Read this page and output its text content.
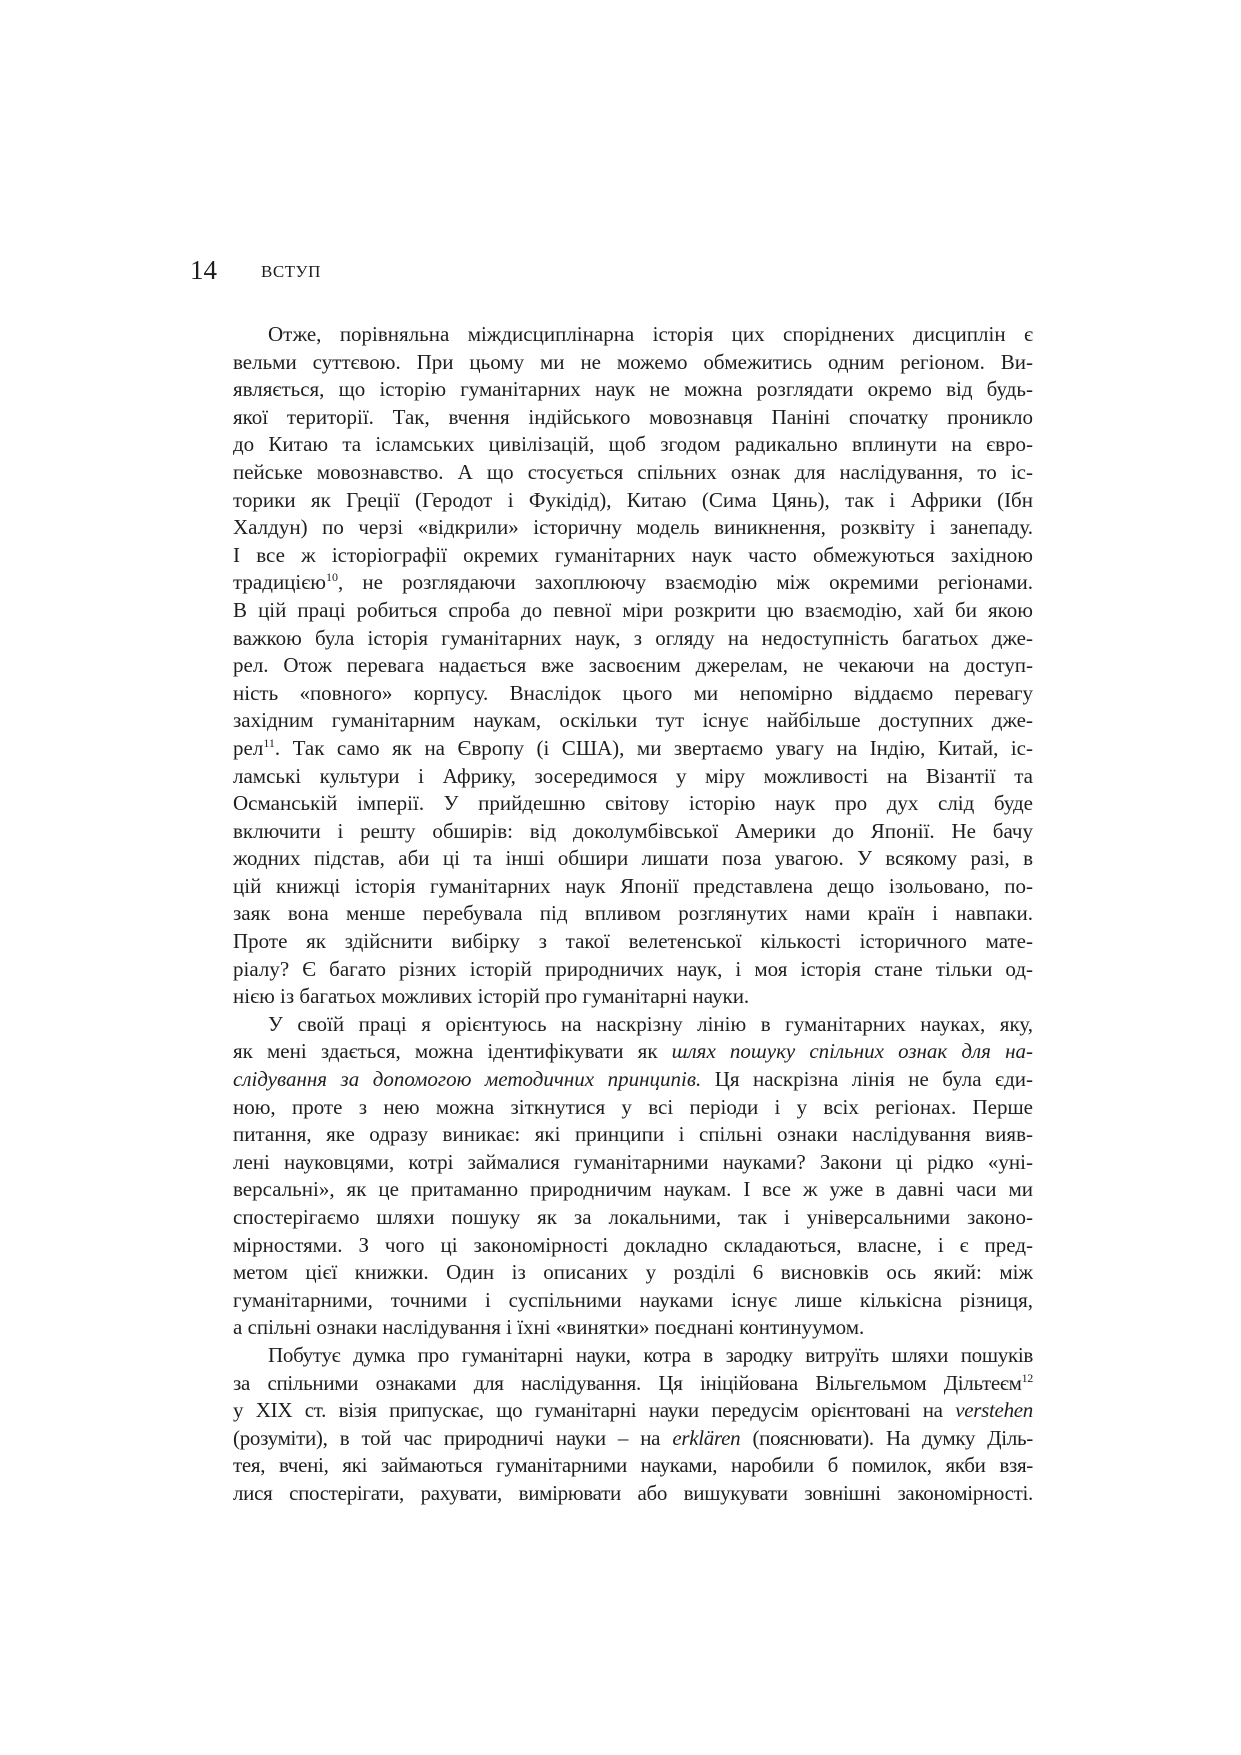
14	ВСТУП
Отже, порівняльна міждисциплінарна історія цих споріднених дисциплін є
вельми суттєвою. При цьому ми не можемо обмежитись одним регіоном. Ви-
являється, що історію гуманітарних наук не можна розглядати окремо від будь-
якої території. Так, вчення індійського мовознавця Паніні спочатку проникло
до Китаю та ісламських цивілізацій, щоб згодом радикально вплинути на євро-
пейське мовознавство. А що стосується спільних ознак для наслідування, то іс-
торики як Греції (Геродот і Фукідід), Китаю (Сима Цянь), так і Африки (Ібн
Халдун) по черзі «відкрили» історичну модель виникнення, розквіту і занепаду.
І все ж історіографії окремих гуманітарних наук часто обмежуються західною
традицією$^{10}$, не розглядаючи захоплюючу взаємодію між окремими регіонами.
В цій праці робиться спроба до певної міри розкрити цю взаємодію, хай би якою
важкою була історія гуманітарних наук, з огляду на недоступність багатьох дже-
рел. Отож перевага надається вже засвоєним джерелам, не чекаючи на доступ-
ність «повного» корпусу. Внаслідок цього ми непомірно віддаємо перевагу
західним гуманітарним наукам, оскільки тут існує найбільше доступних дже-
рел$^{11}$. Так само як на Європу (і США), ми звертаємо увагу на Індію, Китай, іс-
ламські культури і Африку, зосередимося у міру можливості на Візантії та
Османській імперії. У прийдешню світову історію наук про дух слід буде
включити і решту обширів: від доколумбівської Америки до Японії. Не бачу
жодних підстав, аби ці та інші обшири лишати поза увагою. У всякому разі, в
цій книжці історія гуманітарних наук Японії представлена дещо ізольовано, по-
заяк вона менше перебувала під впливом розглянутих нами країн і навпаки.
Проте як здійснити вибірку з такої велетенської кількості історичного мате-
ріалу? Є багато різних історій природничих наук, і моя історія стане тільки од-
нією із багатьох можливих історій про гуманітарні науки.
У своїй праці я орієнтуюсь на наскрізну лінію в гуманітарних науках, яку,
як мені здається, можна ідентифікувати як шлях пошуку спільних ознак для на-
слідування за допомогою методичних принципів. Ця наскрізна лінія не була єди-
ною, проте з нею можна зіткнутися у всі періоди і у всіх регіонах. Перше
питання, яке одразу виникає: які принципи і спільні ознаки наслідування вияв-
лені науковцями, котрі займалися гуманітарними науками? Закони ці рідко «уні-
версальні», як це притаманно природничим наукам. І все ж уже в давні часи ми
спостерігаємо шляхи пошуку як за локальними, так і універсальними законо-
мірностями. З чого ці закономірності докладно складаються, власне, і є пред-
метом цієї книжки. Один із описаних у розділі 6 висновків ось який: між
гуманітарними, точними і суспільними науками існує лише кількісна різниця,
а спільні ознаки наслідування і їхні «винятки» поєднані континуумом.
Побутує думка про гуманітарні науки, котра в зародку витруїть шляхи пошуків
за спільними ознаками для наслідування. Ця ініційована Вільгельмом Дільтеєм$^{12}$
у XIX ст. візія припускає, що гуманітарні науки передусім орієнтовані на verstehen
(розуміти), в той час природничі науки – на erklären (пояснювати). На думку Діль-
тея, вчені, які займаються гуманітарними науками, наробили б помилок, якби взя-
лися спостерігати, рахувати, вимірювати або вишукувати зовнішні закономірності.
